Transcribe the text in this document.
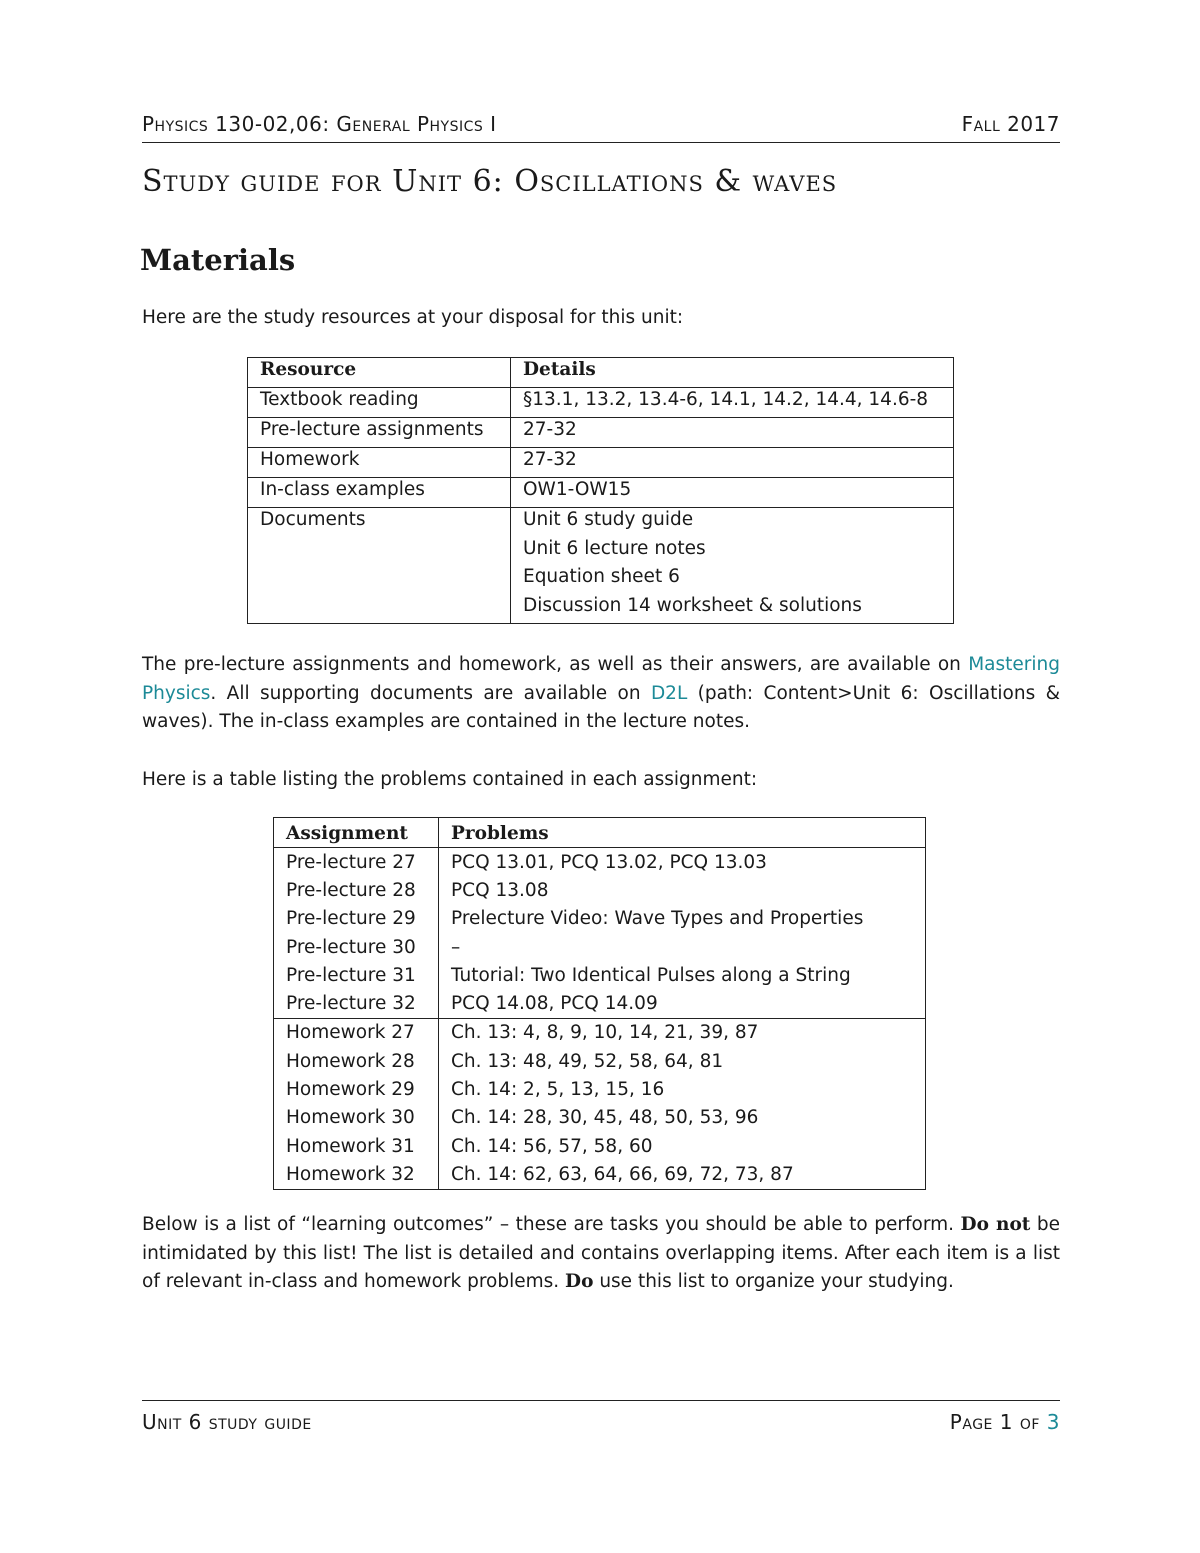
Physics 130-02,06: General Physics I	Fall 2017
Study guide for Unit 6: Oscillations & waves
Materials
Here are the study resources at your disposal for this unit:
Resource	Details
Textbook reading	§13.1, 13.2, 13.4-6, 14.1, 14.2, 14.4, 14.6-8
Pre-lecture assignments	27-32
Homework	27-32
In-class examples	OW1-OW15
Documents	Unit 6 study guide
Unit 6 lecture notes
Equation sheet 6
Discussion 14 worksheet & solutions
The pre-lecture assignments and homework, as well as their answers, are available on Mastering Physics. All supporting documents are available on D2L (path: Content>Unit 6: Oscillations & waves). The in-class examples are contained in the lecture notes.
Here is a table listing the problems contained in each assignment:
Assignment	Problems
Pre-lecture 27	PCQ 13.01, PCQ 13.02, PCQ 13.03
Pre-lecture 28	PCQ 13.08
Pre-lecture 29	Prelecture Video: Wave Types and Properties
Pre-lecture 30	–
Pre-lecture 31	Tutorial: Two Identical Pulses along a String
Pre-lecture 32	PCQ 14.08, PCQ 14.09
Homework 27	Ch. 13: 4, 8, 9, 10, 14, 21, 39, 87
Homework 28	Ch. 13: 48, 49, 52, 58, 64, 81
Homework 29	Ch. 14: 2, 5, 13, 15, 16
Homework 30	Ch. 14: 28, 30, 45, 48, 50, 53, 96
Homework 31	Ch. 14: 56, 57, 58, 60
Homework 32	Ch. 14: 62, 63, 64, 66, 69, 72, 73, 87
Below is a list of “learning outcomes” – these are tasks you should be able to perform. Do not be intimidated by this list! The list is detailed and contains overlapping items. After each item is a list of relevant in-class and homework problems. Do use this list to organize your studying.
Unit 6 study guide	Page 1 of 3
